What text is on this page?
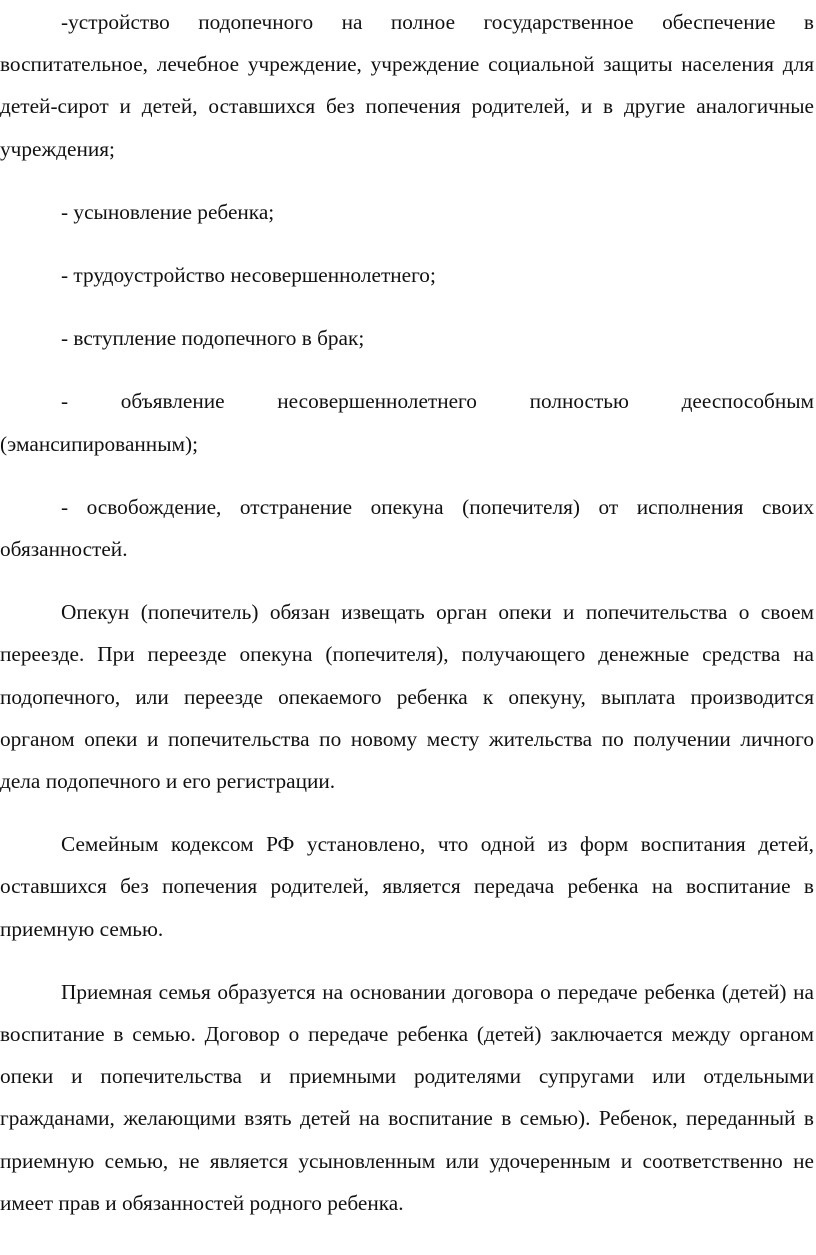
-устройство подопечного на полное государственное обеспечение в воспитательное, лечебное учреждение, учреждение социальной защиты населения для детей-сирот и детей, оставшихся без попечения родителей, и в другие аналогичные учреждения;

- усыновление ребенка;

- трудоустройство несовершеннолетнего;

- вступление подопечного в брак;

- объявление несовершеннолетнего полностью дееспособным (эмансипированным);

- освобождение, отстранение опекуна (попечителя) от исполнения своих обязанностей.

Опекун (попечитель) обязан извещать орган опеки и попечительства о своем переезде. При переезде опекуна (попечителя), получающего денежные средства на подопечного, или переезде опекаемого ребенка к опекуну, выплата производится органом опеки и попечительства по новому месту жительства по получении личного дела подопечного и его регистрации.

Семейным кодексом РФ установлено, что одной из форм воспитания детей, оставшихся без попечения родителей, является передача ребенка на воспитание в приемную семью.

Приемная семья образуется на основании договора о передаче ребенка (детей) на воспитание в семью. Договор о передаче ребенка (детей) заключается между органом опеки и попечительства и приемными родителями супругами или отдельными гражданами, желающими взять детей на воспитание в семью). Ребенок, переданный в приемную семью, не является усыновленным или удочеренным и соответственно не имеет прав и обязанностей родного ребенка.
